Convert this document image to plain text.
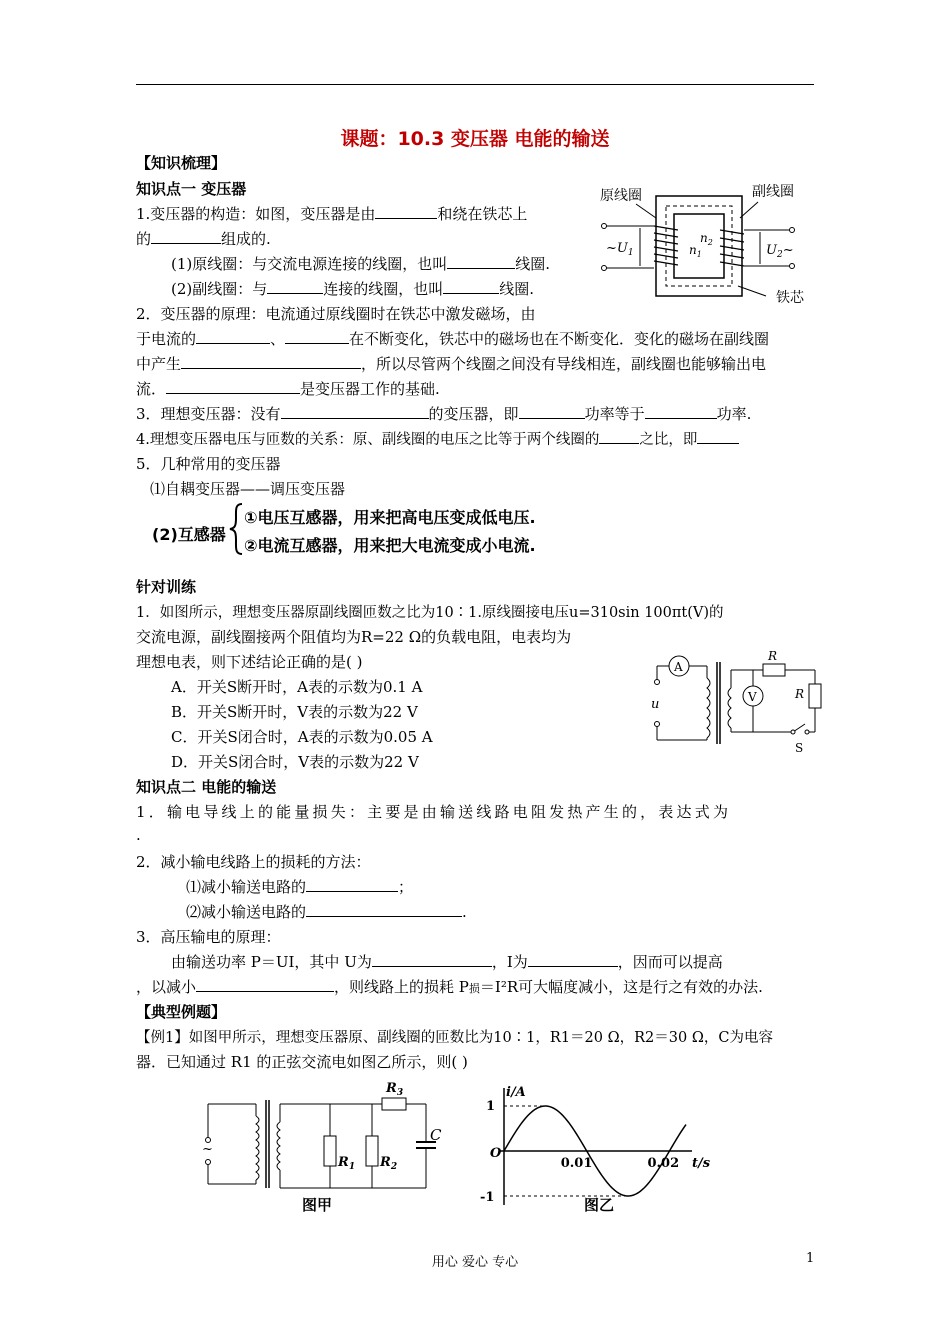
课题：10.3 变压器 电能的输送
【知识梳理】
知识点一 变压器
1.变压器的构造：如图，变压器是由	和绕在铁芯上
的	组成的.
(1)原线圈：与交流电源连接的线圈，也叫	线圈.
(2)副线圈：与	连接的线圈，也叫	线圈.
2．变压器的原理：电流通过原线圈时在铁芯中激发磁场，由
于电流的	、	在不断变化，铁芯中的磁场也在不断变化．变化的磁场在副线圈
中产生	，所以尽管两个线圈之间没有导线相连，副线圈也能够输出电
流．	是变压器工作的基础.
3．理想变压器：没有	的变压器，即	功率等于	功率.
4.理想变压器电压与匝数的关系：原、副线圈的电压之比等于两个线圈的	之比，即
5．几种常用的变压器
⑴自耦变压器——调压变压器
(2)互感器
①电压互感器，用来把高电压变成低电压.
②电流互感器，用来把大电流变成小电流.
原线圈	副线圈
铁芯
$\sim U_1$	$U_2\sim$
$n_1$
$n_2$
针对训练
1．如图所示，理想变压器原副线圈匝数之比为10∶1.原线圈接电压u=310sin 100πt(V)的
交流电源，副线圈接两个阻值均为R=22 Ω的负载电阻，电表均为
理想电表，则下述结论正确的是( )
A．开关S断开时，A表的示数为0.1 A
B．开关S断开时，V表的示数为22 V
C．开关S闭合时，A表的示数为0.05 A
D．开关S闭合时，V表的示数为22 V
A
u
R
R
S
V
知识点二 电能的输送
1．输电导线上的能量损失：主要是由输送线路电阻发热产生的，表达式为
.
2．减小输电线路上的损耗的方法：
⑴减小输送电路的	；
⑵减小输送电路的	.
3．高压输电的原理：
由输送功率 P＝UI，其中 U为	，I为	，因而可以提高
，以减小	，则线路上的损耗 P损＝I²R可大幅度减小，这是行之有效的办法.
【典型例题】
【例1】如图甲所示，理想变压器原、副线圈的匝数比为10∶1，R1＝20 Ω，R2＝30 Ω，C为电容
器．已知通过 R1 的正弦交流电如图乙所示，则( )
~
$R_1$ $R_2$
$R_3$
C
图甲
i/A
t/s
O
图乙
1
-1
0.01	0.02
用心 爱心 专心	1
